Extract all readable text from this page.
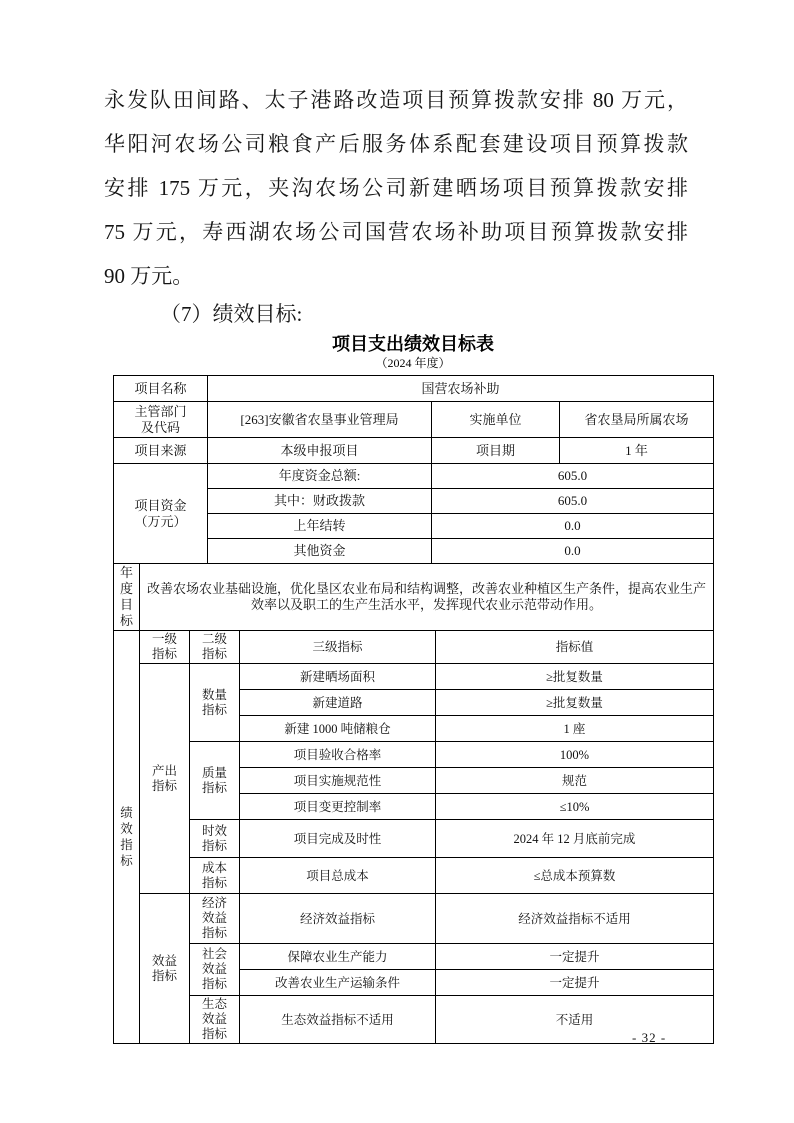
永发队田间路、太子港路改造项目预算拨款安排 80 万元，
华阳河农场公司粮食产后服务体系配套建设项目预算拨款
安排 175 万元，夹沟农场公司新建晒场项目预算拨款安排
75 万元，寿西湖农场公司国营农场补助项目预算拨款安排
90 万元。
（7）绩效目标:
项目支出绩效目标表
（2024 年度）
项目名称	国营农场补助		
主管部门及代码	[263]安徽省农垦事业管理局	实施单位	省农垦局所属农场
项目来源	本级申报项目	项目期	1 年
项目资金（万元）	年度资金总额:	605.0	
	其中：财政拨款	605.0	
	上年结转	0.0	
	其他资金	0.0	
年度目标	改善农场农业基础设施，优化垦区农业布局和结构调整，改善农业种植区生产条件，提高农业生产效率以及职工的生产生活水平，发挥现代农业示范带动作用。
绩效指标	一级指标	二级指标	三级指标	指标值
	产出指标	数量指标	新建晒场面积	≥批复数量
			新建道路	≥批复数量
			新建 1000 吨储粮仓	1 座
		质量指标	项目验收合格率	100%
			项目实施规范性	规范
			项目变更控制率	≤10%
		时效指标	项目完成及时性	2024 年 12 月底前完成
		成本指标	项目总成本	≤总成本预算数
	效益指标	经济效益指标	经济效益指标	经济效益指标不适用
		社会效益指标	保障农业生产能力	一定提升
			改善农业生产运输条件	一定提升
		生态效益指标	生态效益指标不适用	不适用
- 32 -
